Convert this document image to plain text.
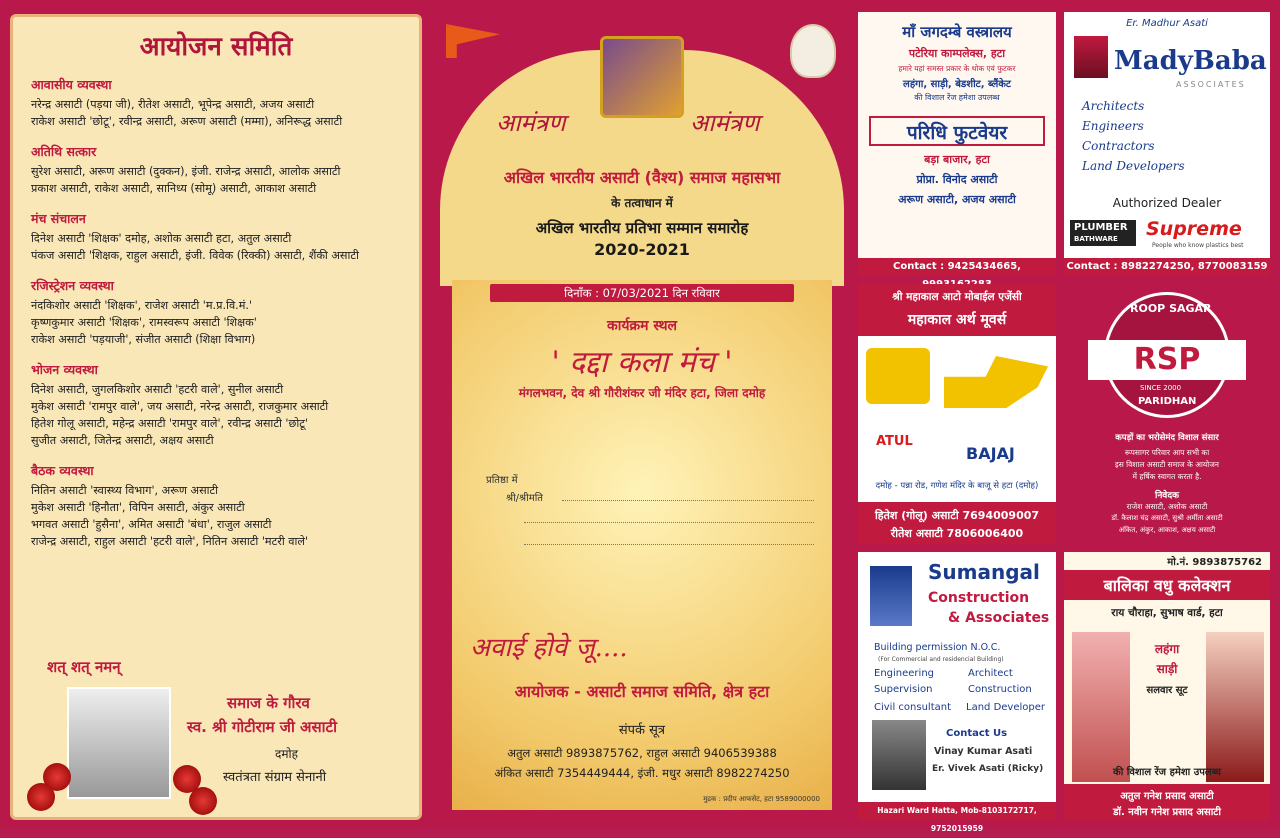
आयोजन समिति
आवासीय व्यवस्था
नरेन्द्र असाटी (पड़या जी), रीतेश असाटी, भूपेन्द्र असाटी, अजय असाटी
राकेश असाटी 'छोटू', रवीन्द्र असाटी, अरूण असाटी (मम्मा), अनिरूद्ध असाटी
अतिथि सत्कार
सुरेश असाटी, अरूण असाटी (दुक्कन), इंजी. राजेन्द्र असाटी, आलोक असाटी
प्रकाश असाटी, राकेश असाटी, सानिध्य (सोमू) असाटी, आकाश असाटी
मंच संचालन
दिनेश असाटी 'शिक्षक' दमोह, अशोक असाटी हटा, अतुल असाटी
पंकज असाटी 'शिक्षक, राहुल असाटी, इंजी. विवेक (रिक्की) असाटी, शैंकी असाटी
रजिस्ट्रेशन व्यवस्था
नंदकिशोर असाटी 'शिक्षक', राजेश असाटी 'म.प्र.वि.मं.'
कृष्णकुमार असाटी 'शिक्षक', रामस्वरूप असाटी 'शिक्षक'
राकेश असाटी 'पड़याजी', संजीत असाटी (शिक्षा विभाग)
भोजन व्यवस्था
दिनेश असाटी, जुगलकिशोर असाटी 'हटरी वाले', सुनील असाटी
मुकेश असाटी 'रामपुर वाले', जय असाटी, नरेन्द्र असाटी, राजकुमार असाटी
हितेश गोलू असाटी, महेन्द्र असाटी 'रामपुर वाले', रवीन्द्र असाटी 'छोटू'
सुजीत असाटी, जितेन्द्र असाटी, अक्षय असाटी
बैठक व्यवस्था
नितिन असाटी 'स्वास्थ्य विभाग', अरूण असाटी
मुकेश असाटी 'हिनौता', विपिन असाटी, अंकुर असाटी
भगवत असाटी 'हुसैना', अमित असाटी 'बंधा', राजुल असाटी
राजेन्द्र असाटी, राहुल असाटी 'हटरी वाले', नितिन असाटी 'मटरी वाले'
शत् शत् नमन्
समाज के गौरव
स्व. श्री गोटीराम जी असाटी
दमोह
स्वतंत्रता संग्राम सेनानी
आमंत्रण	आमंत्रण
अखिल भारतीय असाटी (वैश्य) समाज महासभा
के तत्वाधान में
अखिल भारतीय प्रतिभा सम्मान समारोह
2020-2021
दिनाँक : 07/03/2021 दिन रविवार
कार्यक्रम स्थल
' दद्दा कला मंच '
मंगलभवन, देव श्री गौरीशंकर जी मंदिर हटा, जिला दमोह
प्रतिष्ठा में
श्री/श्रीमति
अवाई होवे जू....
आयोजक - असाटी समाज समिति, क्षेत्र हटा
संपर्क सूत्र
अतुल असाटी 9893875762, राहुल असाटी 9406539388
अंकित असाटी 7354449444, इंजी. मधुर असाटी 8982274250
मुद्रक : प्रदीप आफसेट, हटा 9589000000
माँ जगदम्बे वस्त्रालय
पटेरिया काम्पलेक्स, हटा
हमारे यहां समस्त प्रकार के थोक एवं फुटकर
लहंगा, साड़ी, बेडशीट, ब्लैंकेट
की विशाल रेंज हमेशा उपलब्ध
परिधि फुटवेयर
बड़ा बाजार, हटा
प्रोप्रा. विनोद असाटी
अरूण असाटी, अजय असाटी
Contact : 9425434665,
Er. Madhur Asati
MadyBaba
ASSOCIATES
Architects
Engineers
Contractors
Land Developers
Authorized Dealer
PLUMBER
BATHWARE	Supreme
People who know plastics best
Contact : 8982274250, 8770083159
श्री महाकाल आटो मोबाईल एजेंसी
महाकाल अर्थ मूवर्स
ATUL
BAJAJ
दमोह - पन्ना रोड, गणेश मंदिर के बाजू से हटा (दमोह)
हितेश (गोलू) असाटी 7694009007
रीतेश असाटी 7806006400
ROOP SAGAR
RSP
SINCE 2000
PARIDHAN
कपड़ों का भरोसेमंद विशाल संसार
रूपसागर परिवार आप सभी का
इस विशाल असाटी समाज के आयोजन
में हर्षिक स्वागत करता है.
निवेदक
राजेश असाटी, अशोक असाटी
डॉ. कैलाश चंद्र असाटी, सुश्री अर्मीता असाटी
अंकित, अंकुर, आकाश, अक्षय असाटी
Sumangal
Construction
& Associates
Building permission N.O.C.
(For Commercial and residencial Building)
Engineering	Architect
Supervision	Construction
Civil consultant Land Developer
Contact Us
Vinay Kumar Asati
Er. Vivek Asati (Ricky)
Hazari Ward Hatta, Mob-8103172717, 9752015959
मो.नं. 9893875762
बालिका वधु कलेक्शन
राय चौराहा, सुभाष वार्ड, हटा
लहंगा
साड़ी
सलवार सूट
की विशाल रेंज हमेशा उपलब्ध
अतुल गनेश प्रसाद असाटी
डॉ. नवीन गनेश प्रसाद असाटी
